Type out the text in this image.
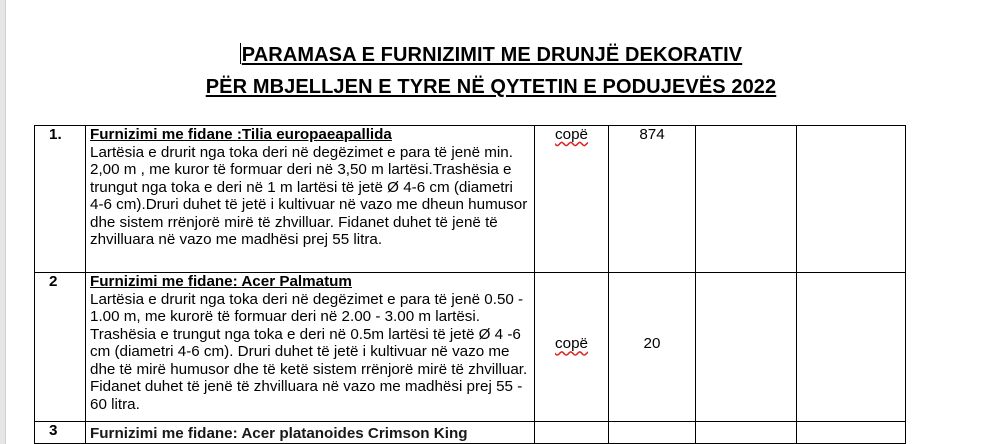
PARAMASA E FURNIZIMIT ME DRUNJË DEKORATIV
PËR MBJELLJEN E TYRE NË QYTETIN E PODUJEVËS 2022
1.	Furnizimi me fidane :Tilia europaeapallida
Lartësia e drurit nga toka deri në degëzimet e para të jenë min. 2,00 m , me kuror të formuar deri në 3,50 m lartësi.Trashësia e trungut nga toka e deri në 1 m lartësi të jetë Ø 4-6 cm (diametri 4-6 cm).Druri duhet të jetë i kultivuar në vazo me dheun humusor dhe sistem rrënjorë mirë të zhvilluar. Fidanet duhet të jenë të zhvilluara në vazo me madhësi prej 55 litra.	copë	874		

2	Furnizimi me fidane: Acer Palmatum
Lartësia e drurit nga toka deri në degëzimet e para të jenë 0.50 - 1.00 m, me kurorë të formuar deri në 2.00 - 3.00 m lartësi. Trashësia e trungut nga toka e deri në 0.5m lartësi të jetë Ø 4 -6 cm (diametri 4-6 cm). Druri duhet të jetë i kultivuar në vazo me dhe të mirë humusor dhe të ketë sistem rrënjorë mirë të zhvilluar. Fidanet duhet të jenë të zhvilluara në vazo me madhësi prej 55 - 60 litra.	copë	20		

3	Furnizimi me fidane: Acer platanoides Crimson King				
